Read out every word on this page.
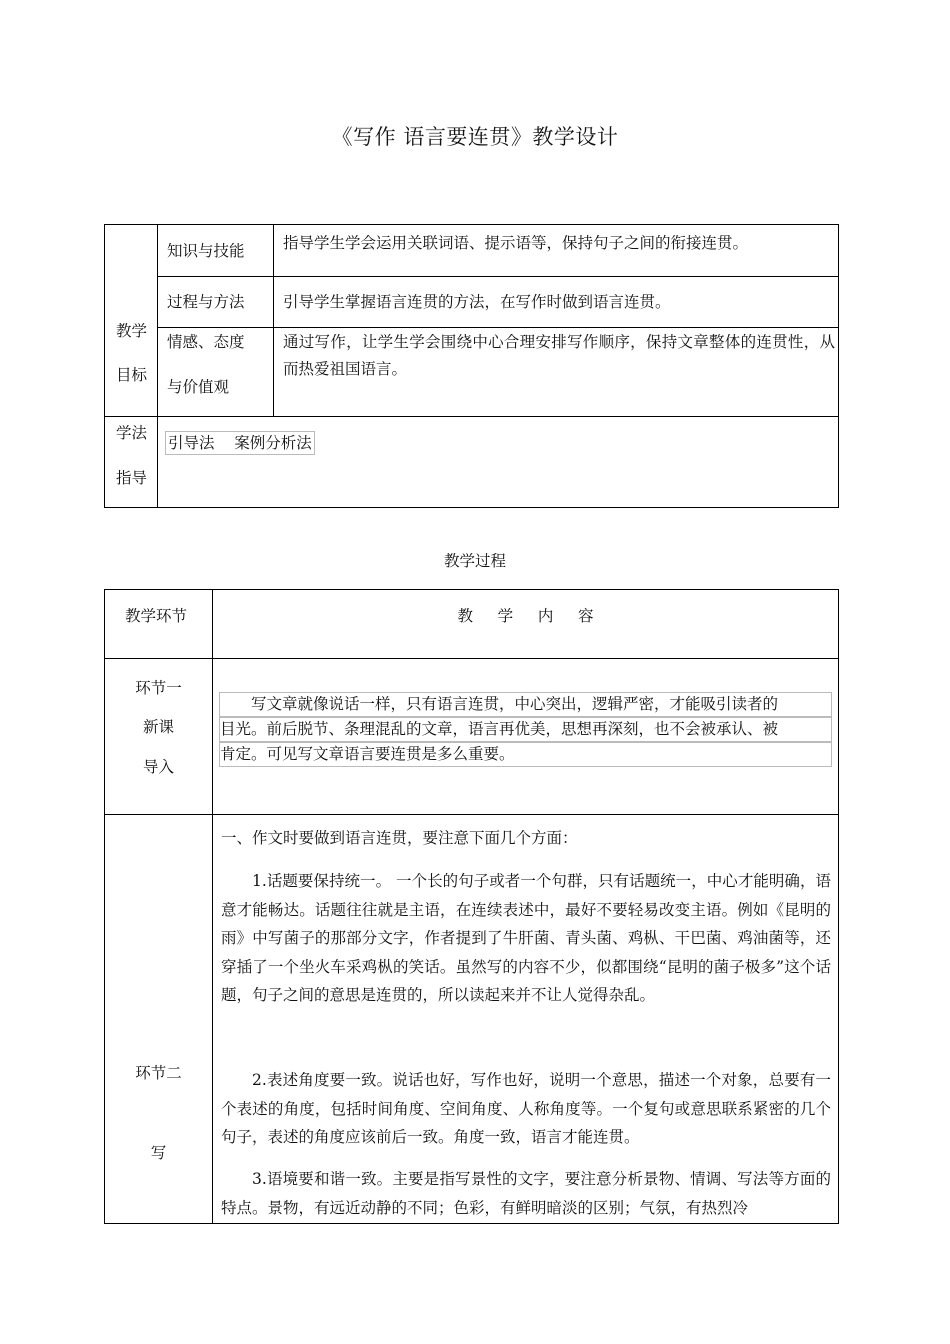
《写作 语言要连贯》教学设计
教学
目标
知识与技能 指导学生学会运用关联词语、提示语等，保持句子之间的衔接连贯。
过程与方法 引导学生掌握语言连贯的方法，在写作时做到语言连贯。
情感、态度
与价值观
通过写作，让学生学会围绕中心合理安排写作顺序，保持文章整体的连贯性，从而热爱祖国语言。
学法
指导
引导法    案例分析法
教学过程
教学环节	教     学     内     容
环节一
新课
导入
写文章就像说话一样，只有语言连贯，中心突出，逻辑严密，才能吸引读者的
目光。前后脱节、条理混乱的文章，语言再优美，思想再深刻，也不会被承认、被
肯定。可见写文章语言要连贯是多么重要。
环节二
写
一、作文时要做到语言连贯，要注意下面几个方面：
1.话题要保持统一。 一个长的句子或者一个句群，只有话题统一，中心才能明确，语意才能畅达。话题往往就是主语，在连续表述中，最好不要轻易改变主语。例如《昆明的雨》中写菌子的那部分文字，作者提到了牛肝菌、青头菌、鸡枞、干巴菌、鸡油菌等，还穿插了一个坐火车采鸡枞的笑话。虽然写的内容不少，似都围绕“昆明的菌子极多”这个话题，句子之间的意思是连贯的，所以读起来并不让人觉得杂乱。
2.表述角度要一致。说话也好，写作也好，说明一个意思，描述一个对象，总要有一个表述的角度，包括时间角度、空间角度、人称角度等。一个复句或意思联系紧密的几个句子，表述的角度应该前后一致。角度一致，语言才能连贯。
3.语境要和谐一致。主要是指写景性的文字，要注意分析景物、情调、写法等方面的特点。景物，有远近动静的不同；色彩，有鲜明暗淡的区别；气氛，有热烈冷
